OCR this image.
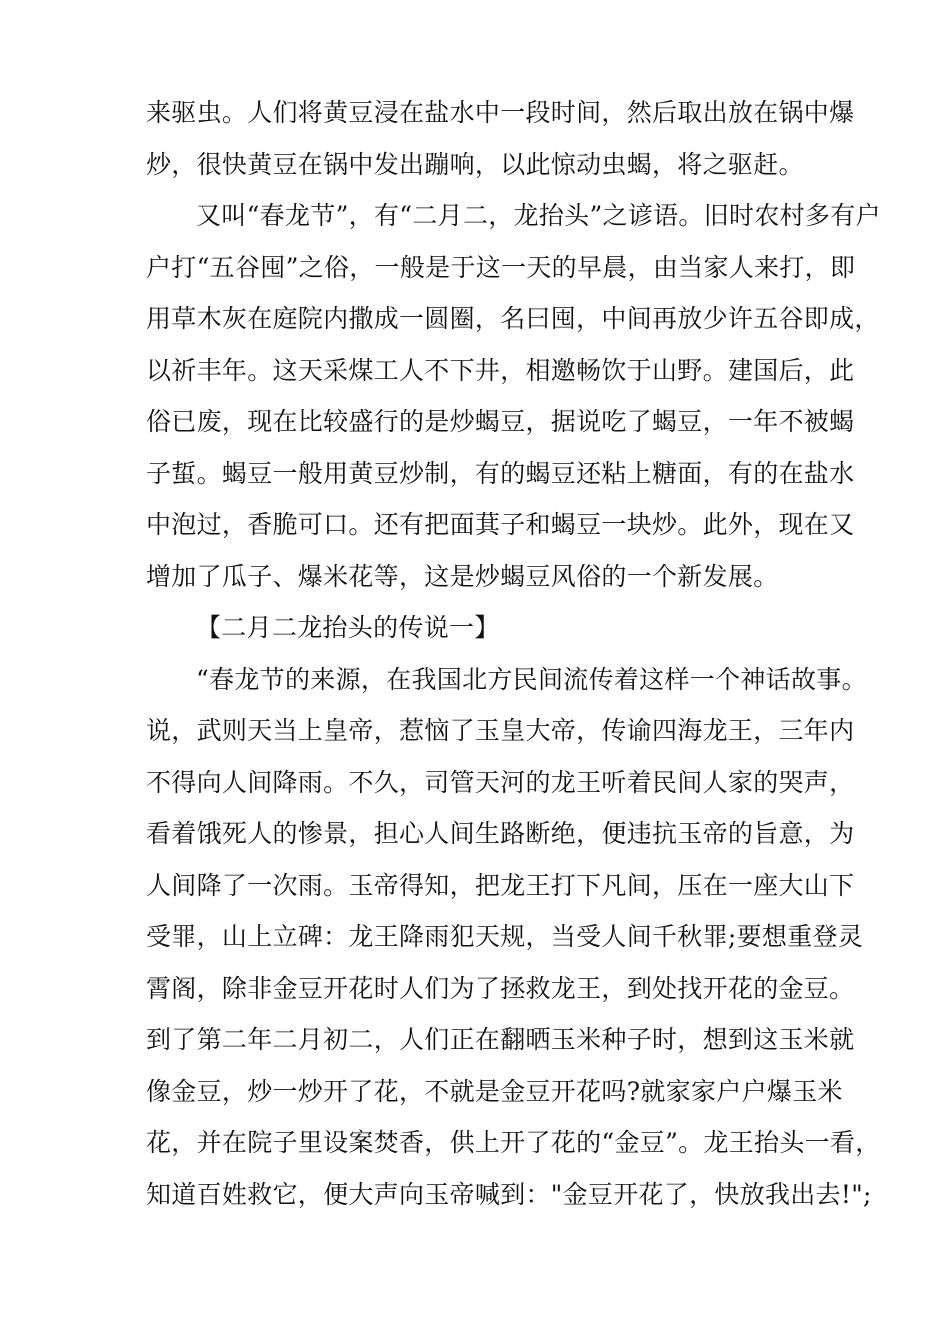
来驱虫。人们将黄豆浸在盐水中一段时间，然后取出放在锅中爆
炒，很快黄豆在锅中发出蹦响，以此惊动虫蝎，将之驱赶。
又叫“春龙节”，有“二月二，龙抬头”之谚语。旧时农村多有户
户打“五谷囤”之俗，一般是于这一天的早晨，由当家人来打，即
用草木灰在庭院内撒成一圆圈，名曰囤，中间再放少许五谷即成，
以祈丰年。这天采煤工人不下井，相邀畅饮于山野。建国后，此
俗已废，现在比较盛行的是炒蝎豆，据说吃了蝎豆，一年不被蝎
子蜇。蝎豆一般用黄豆炒制，有的蝎豆还粘上糖面，有的在盐水
中泡过，香脆可口。还有把面萁子和蝎豆一块炒。此外，现在又
增加了瓜子、爆米花等，这是炒蝎豆风俗的一个新发展。
【二月二龙抬头的传说一】
“春龙节的来源，在我国北方民间流传着这样一个神话故事。
说，武则天当上皇帝，惹恼了玉皇大帝，传谕四海龙王，三年内
不得向人间降雨。不久，司管天河的龙王听着民间人家的哭声，
看着饿死人的惨景，担心人间生路断绝，便违抗玉帝的旨意，为
人间降了一次雨。玉帝得知，把龙王打下凡间，压在一座大山下
受罪，山上立碑：龙王降雨犯天规，当受人间千秋罪;要想重登灵
霄阁，除非金豆开花时人们为了拯救龙王，到处找开花的金豆。
到了第二年二月初二，人们正在翻晒玉米种子时，想到这玉米就
像金豆，炒一炒开了花，不就是金豆开花吗?就家家户户爆玉米
花，并在院子里设案焚香，供上开了花的“金豆”。龙王抬头一看，
知道百姓救它，便大声向玉帝喊到："金豆开花了，快放我出去!";
